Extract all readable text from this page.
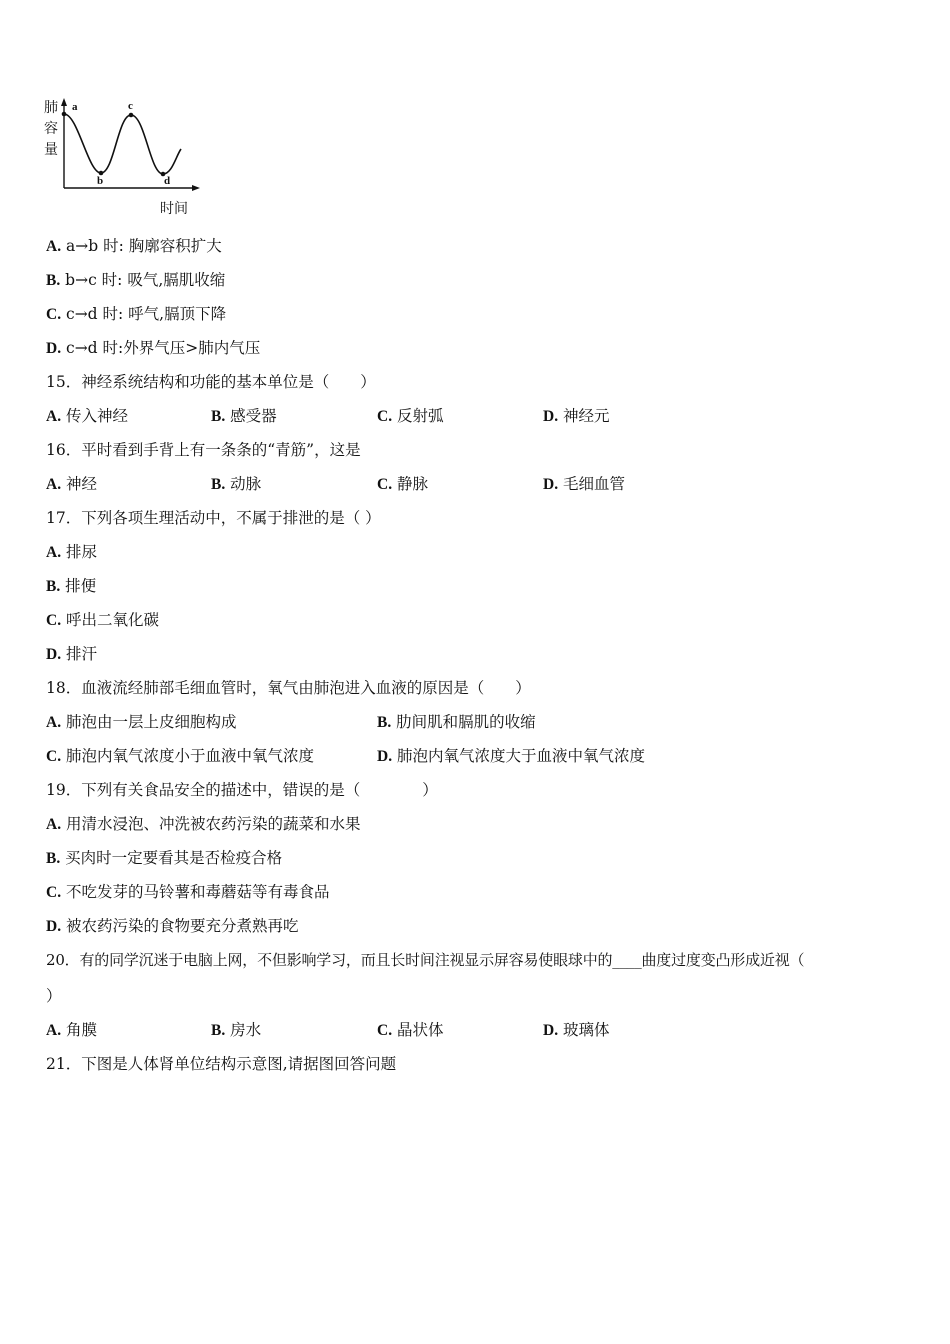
肺
容
量
a
b
c
d
时间
A. a→b 时: 胸廓容积扩大
B. b→c 时: 吸气,膈肌收缩
C. c→d 时: 呼气,膈顶下降
D. c→d 时:外界气压>肺内气压
15．神经系统结构和功能的基本单位是（　　）
A. 传入神经	B. 感受器	C. 反射弧	D. 神经元
16．平时看到手背上有一条条的“青筋”，这是
A. 神经	B. 动脉	C. 静脉	D. 毛细血管
17．下列各项生理活动中，不属于排泄的是（ ）
A. 排尿
B. 排便
C. 呼出二氧化碳
D. 排汗
18．血液流经肺部毛细血管时，氧气由肺泡进入血液的原因是（　　）
A. 肺泡由一层上皮细胞构成	B. 肋间肌和膈肌的收缩
C. 肺泡内氧气浓度小于血液中氧气浓度	D. 肺泡内氧气浓度大于血液中氧气浓度
19．下列有关食品安全的描述中，错误的是（　　　　）
A. 用清水浸泡、冲洗被农药污染的蔬菜和水果
B. 买肉时一定要看其是否检疫合格
C. 不吃发芽的马铃薯和毒蘑菇等有毒食品
D. 被农药污染的食物要充分煮熟再吃
20．有的同学沉迷于电脑上网，不但影响学习，而且长时间注视显示屏容易使眼球中的____曲度过度变凸形成近视（
）
A. 角膜	B. 房水	C. 晶状体	D. 玻璃体
21．下图是人体肾单位结构示意图,请据图回答问题
